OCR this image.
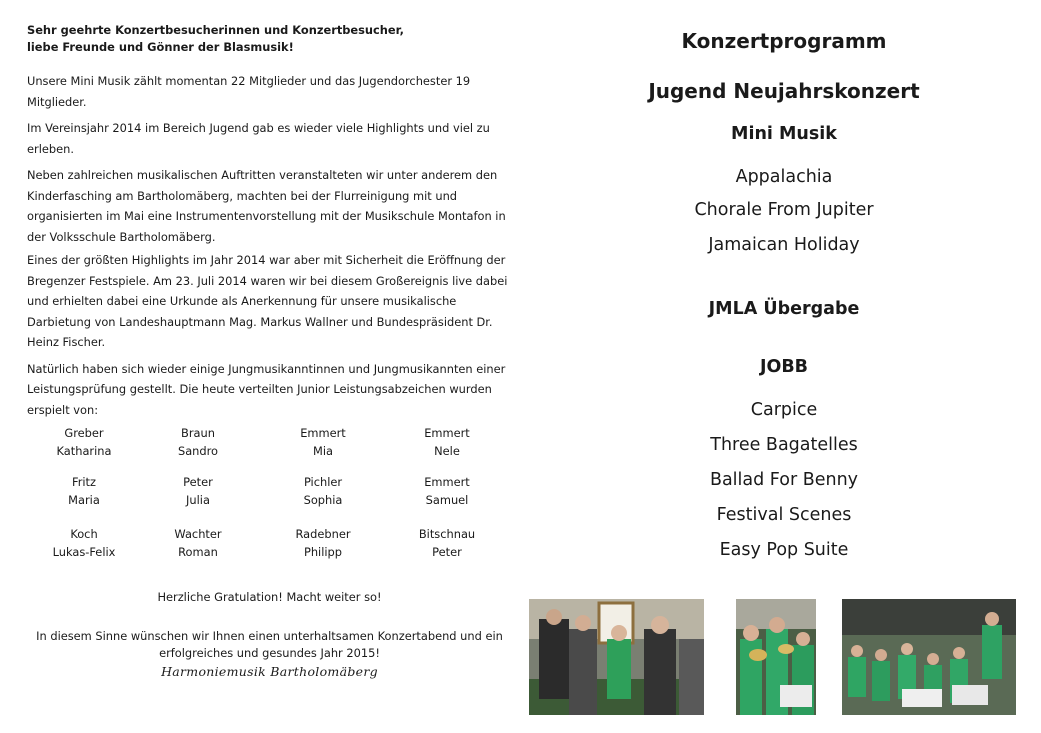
Sehr geehrte Konzertbesucherinnen und Konzertbesucher,
liebe Freunde und Gönner der Blasmusik!
Unsere Mini Musik zählt momentan 22 Mitglieder und das Jugendorchester 19 Mitglieder.
Im Vereinsjahr 2014 im Bereich Jugend gab es wieder viele Highlights und viel zu erleben.
Neben zahlreichen musikalischen Auftritten veranstalteten wir unter anderem den Kinderfasching am Bartholomäberg, machten bei der Flurreinigung mit und organisierten im Mai eine Instrumentenvorstellung mit der Musikschule Montafon in der Volksschule Bartholomäberg.
Eines der größten Highlights im Jahr 2014 war aber mit Sicherheit die Eröffnung der Bregenzer Festspiele. Am 23. Juli 2014 waren wir bei diesem Großereignis live dabei und erhielten dabei eine Urkunde als Anerkennung für unsere musikalische Darbietung von Landeshauptmann Mag. Markus Wallner und Bundespräsident Dr. Heinz Fischer.
Natürlich haben sich wieder einige Jungmusikanntinnen und Jungmusikannten einer Leistungsprüfung gestellt. Die heute verteilten Junior Leistungsabzeichen wurden erspielt von:
Greber
Katharina
Braun
Sandro
Emmert
Mia
Emmert
Nele
Fritz
Maria
Peter
Julia
Pichler
Sophia
Emmert
Samuel
Koch
Lukas-Felix
Wachter
Roman
Radebner
Philipp
Bitschnau
Peter
Herzliche Gratulation! Macht weiter so!
In diesem Sinne wünschen wir Ihnen einen unterhaltsamen Konzertabend und ein
erfolgreiches und gesundes Jahr 2015!
Harmoniemusik Bartholomäberg
Konzertprogramm
Jugend Neujahrskonzert
Mini Musik
Appalachia
Chorale From Jupiter
Jamaican Holiday
JMLA Übergabe
JOBB
Carpice
Three Bagatelles
Ballad For Benny
Festival Scenes
Easy Pop Suite
